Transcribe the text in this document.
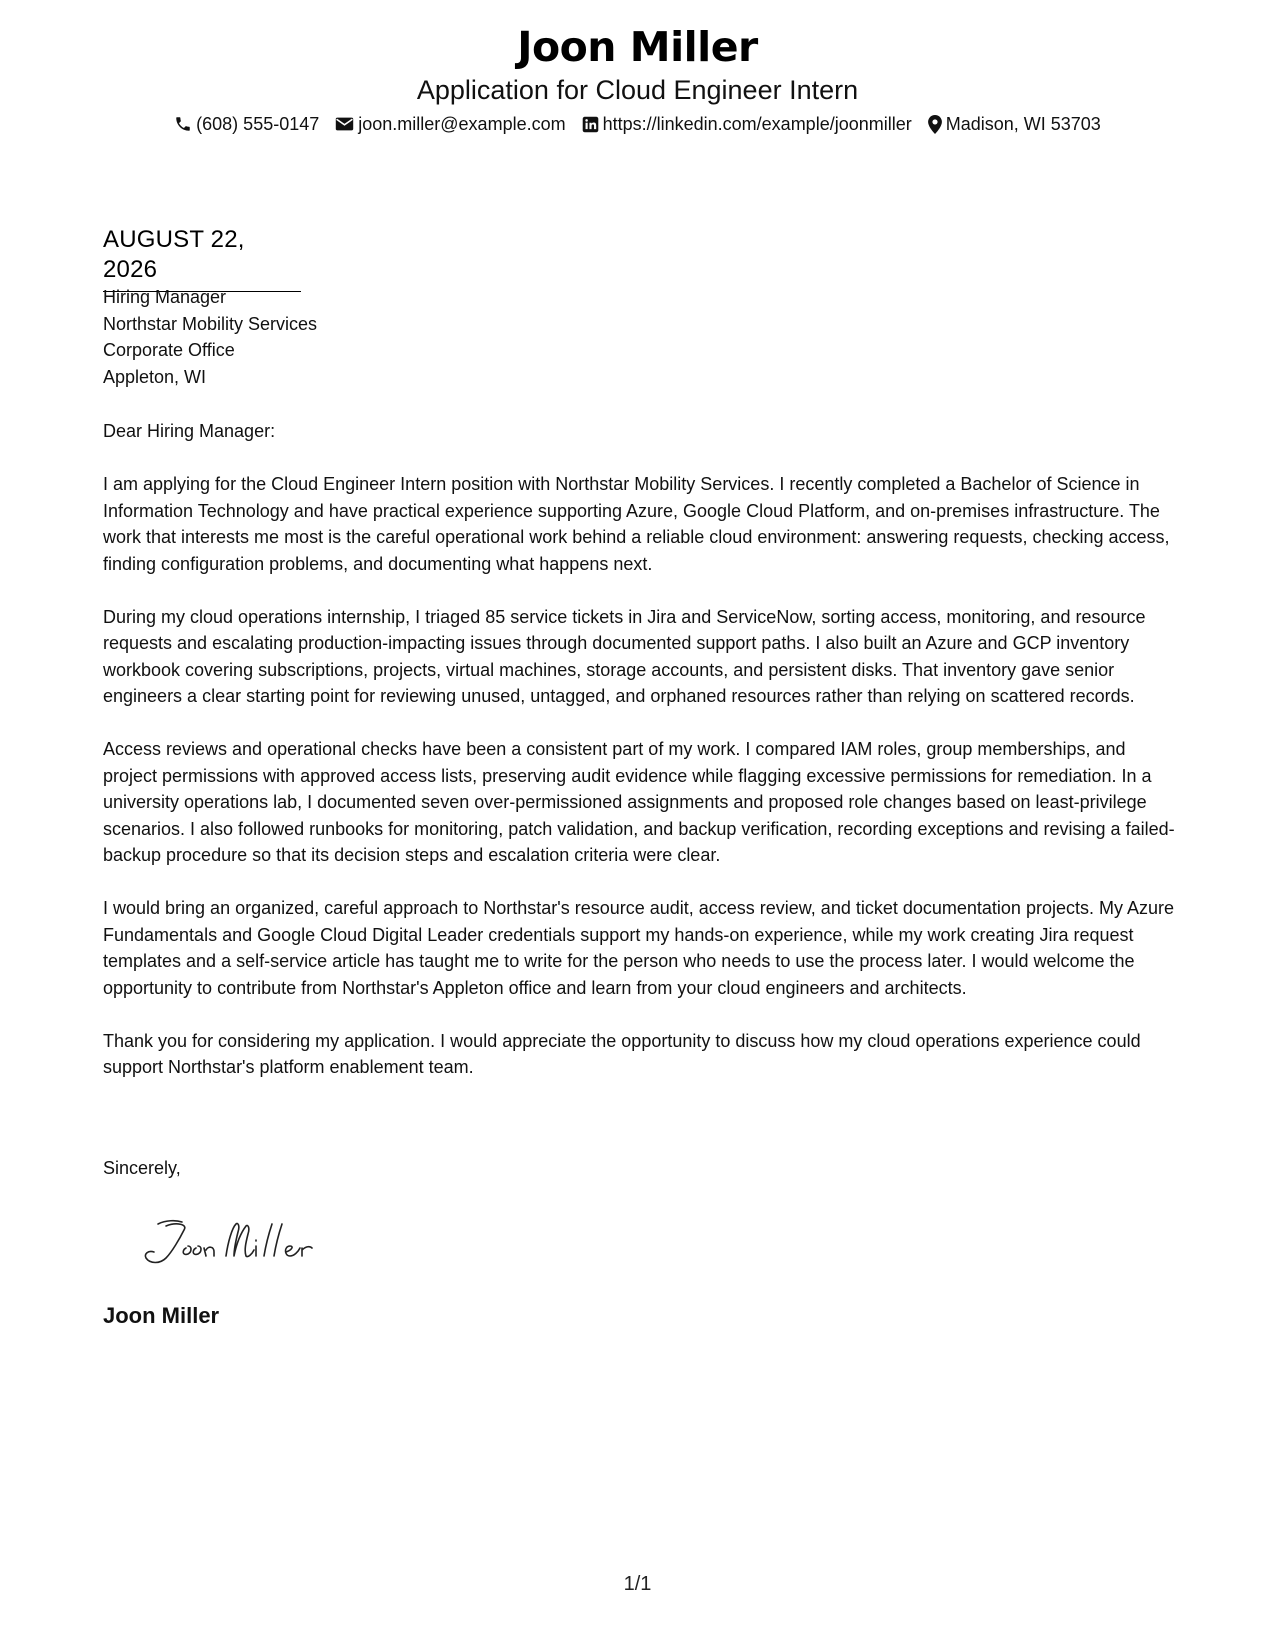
Joon Miller
Application for Cloud Engineer Intern
(608) 555-0147 joon.miller@example.com https://linkedin.com/example/joonmiller Madison, WI 53703
AUGUST 22, 2026
Hiring Manager
Northstar Mobility Services
Corporate Office
Appleton, WI

Dear Hiring Manager:

I am applying for the Cloud Engineer Intern position with Northstar Mobility Services. I recently completed a Bachelor of Science in Information Technology and have practical experience supporting Azure, Google Cloud Platform, and on-premises infrastructure. The work that interests me most is the careful operational work behind a reliable cloud environment: answering requests, checking access, finding configuration problems, and documenting what happens next.

During my cloud operations internship, I triaged 85 service tickets in Jira and ServiceNow, sorting access, monitoring, and resource requests and escalating production-impacting issues through documented support paths. I also built an Azure and GCP inventory workbook covering subscriptions, projects, virtual machines, storage accounts, and persistent disks. That inventory gave senior engineers a clear starting point for reviewing unused, untagged, and orphaned resources rather than relying on scattered records.

Access reviews and operational checks have been a consistent part of my work. I compared IAM roles, group memberships, and project permissions with approved access lists, preserving audit evidence while flagging excessive permissions for remediation. In a university operations lab, I documented seven over-permissioned assignments and proposed role changes based on least-privilege scenarios. I also followed runbooks for monitoring, patch validation, and backup verification, recording exceptions and revising a failed-backup procedure so that its decision steps and escalation criteria were clear.

I would bring an organized, careful approach to Northstar's resource audit, access review, and ticket documentation projects. My Azure Fundamentals and Google Cloud Digital Leader credentials support my hands-on experience, while my work creating Jira request templates and a self-service article has taught me to write for the person who needs to use the process later. I would welcome the opportunity to contribute from Northstar's Appleton office and learn from your cloud engineers and architects.

Thank you for considering my application. I would appreciate the opportunity to discuss how my cloud operations experience could support Northstar's platform enablement team.

Sincerely,
Joon Miller
1/1
